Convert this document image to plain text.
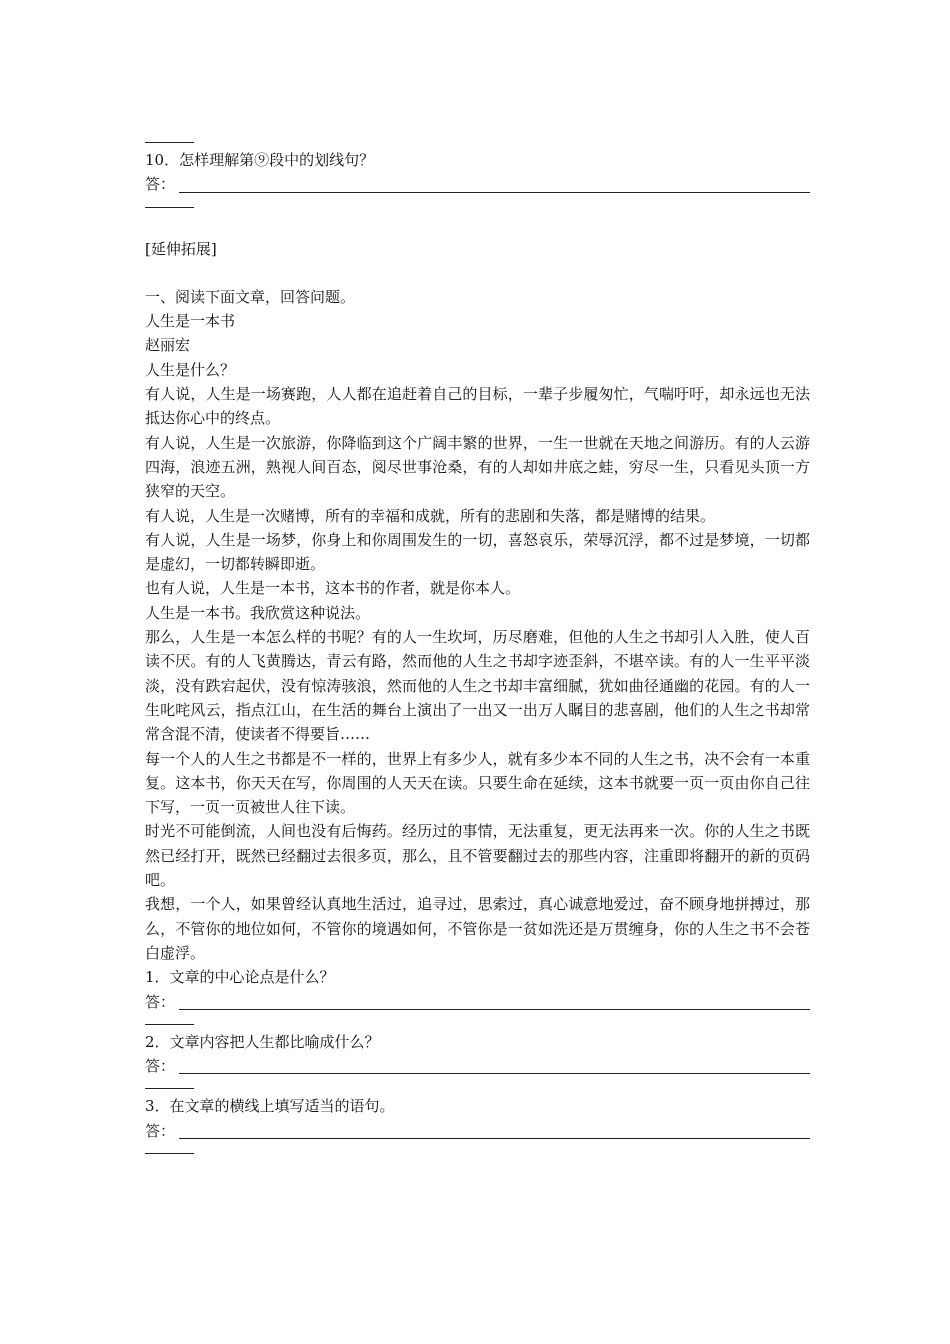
10．怎样理解第⑨段中的划线句？

答：

[延伸拓展]

一、阅读下面文章，回答问题。

人生是一本书

赵丽宏

人生是什么？

有人说，人生是一场赛跑，人人都在追赶着自己的目标，一辈子步履匆忙，气喘吁吁，却永远也无法抵达你心中的终点。

有人说，人生是一次旅游，你降临到这个广阔丰繁的世界，一生一世就在天地之间游历。有的人云游四海，浪迹五洲，熟视人间百态，阅尽世事沧桑，有的人却如井底之蛙，穷尽一生，只看见头顶一方狭窄的天空。

有人说，人生是一次赌博，所有的幸福和成就，所有的悲剧和失落，都是赌博的结果。

有人说，人生是一场梦，你身上和你周围发生的一切，喜怒哀乐，荣辱沉浮，都不过是梦境，一切都是虚幻，一切都转瞬即逝。

也有人说，人生是一本书，这本书的作者，就是你本人。

人生是一本书。我欣赏这种说法。

那么，人生是一本怎么样的书呢？有的人一生坎坷，历尽磨难，但他的人生之书却引人入胜，使人百读不厌。有的人飞黄腾达，青云有路，然而他的人生之书却字迹歪斜，不堪卒读。有的人一生平平淡淡，没有跌宕起伏，没有惊涛骇浪，然而他的人生之书却丰富细腻，犹如曲径通幽的花园。有的人一生叱咤风云，指点江山，在生活的舞台上演出了一出又一出万人瞩目的悲喜剧，他们的人生之书却常常含混不清，使读者不得要旨……

每一个人的人生之书都是不一样的，世界上有多少人，就有多少本不同的人生之书，决不会有一本重复。这本书，你天天在写，你周围的人天天在读。只要生命在延续，这本书就要一页一页由你自己往下写，一页一页被世人往下读。

时光不可能倒流，人间也没有后悔药。经历过的事情，无法重复，更无法再来一次。你的人生之书既然已经打开，既然已经翻过去很多页，那么，且不管要翻过去的那些内容，注重即将翻开的新的页码吧。

我想，一个人，如果曾经认真地生活过，追寻过，思索过，真心诚意地爱过，奋不顾身地拼搏过，那么，不管你的地位如何，不管你的境遇如何，不管你是一贫如洗还是万贯缠身，你的人生之书不会苍白虚浮。

1．文章的中心论点是什么？

答：

2．文章内容把人生都比喻成什么？

答：

3．在文章的横线上填写适当的语句。

答：
